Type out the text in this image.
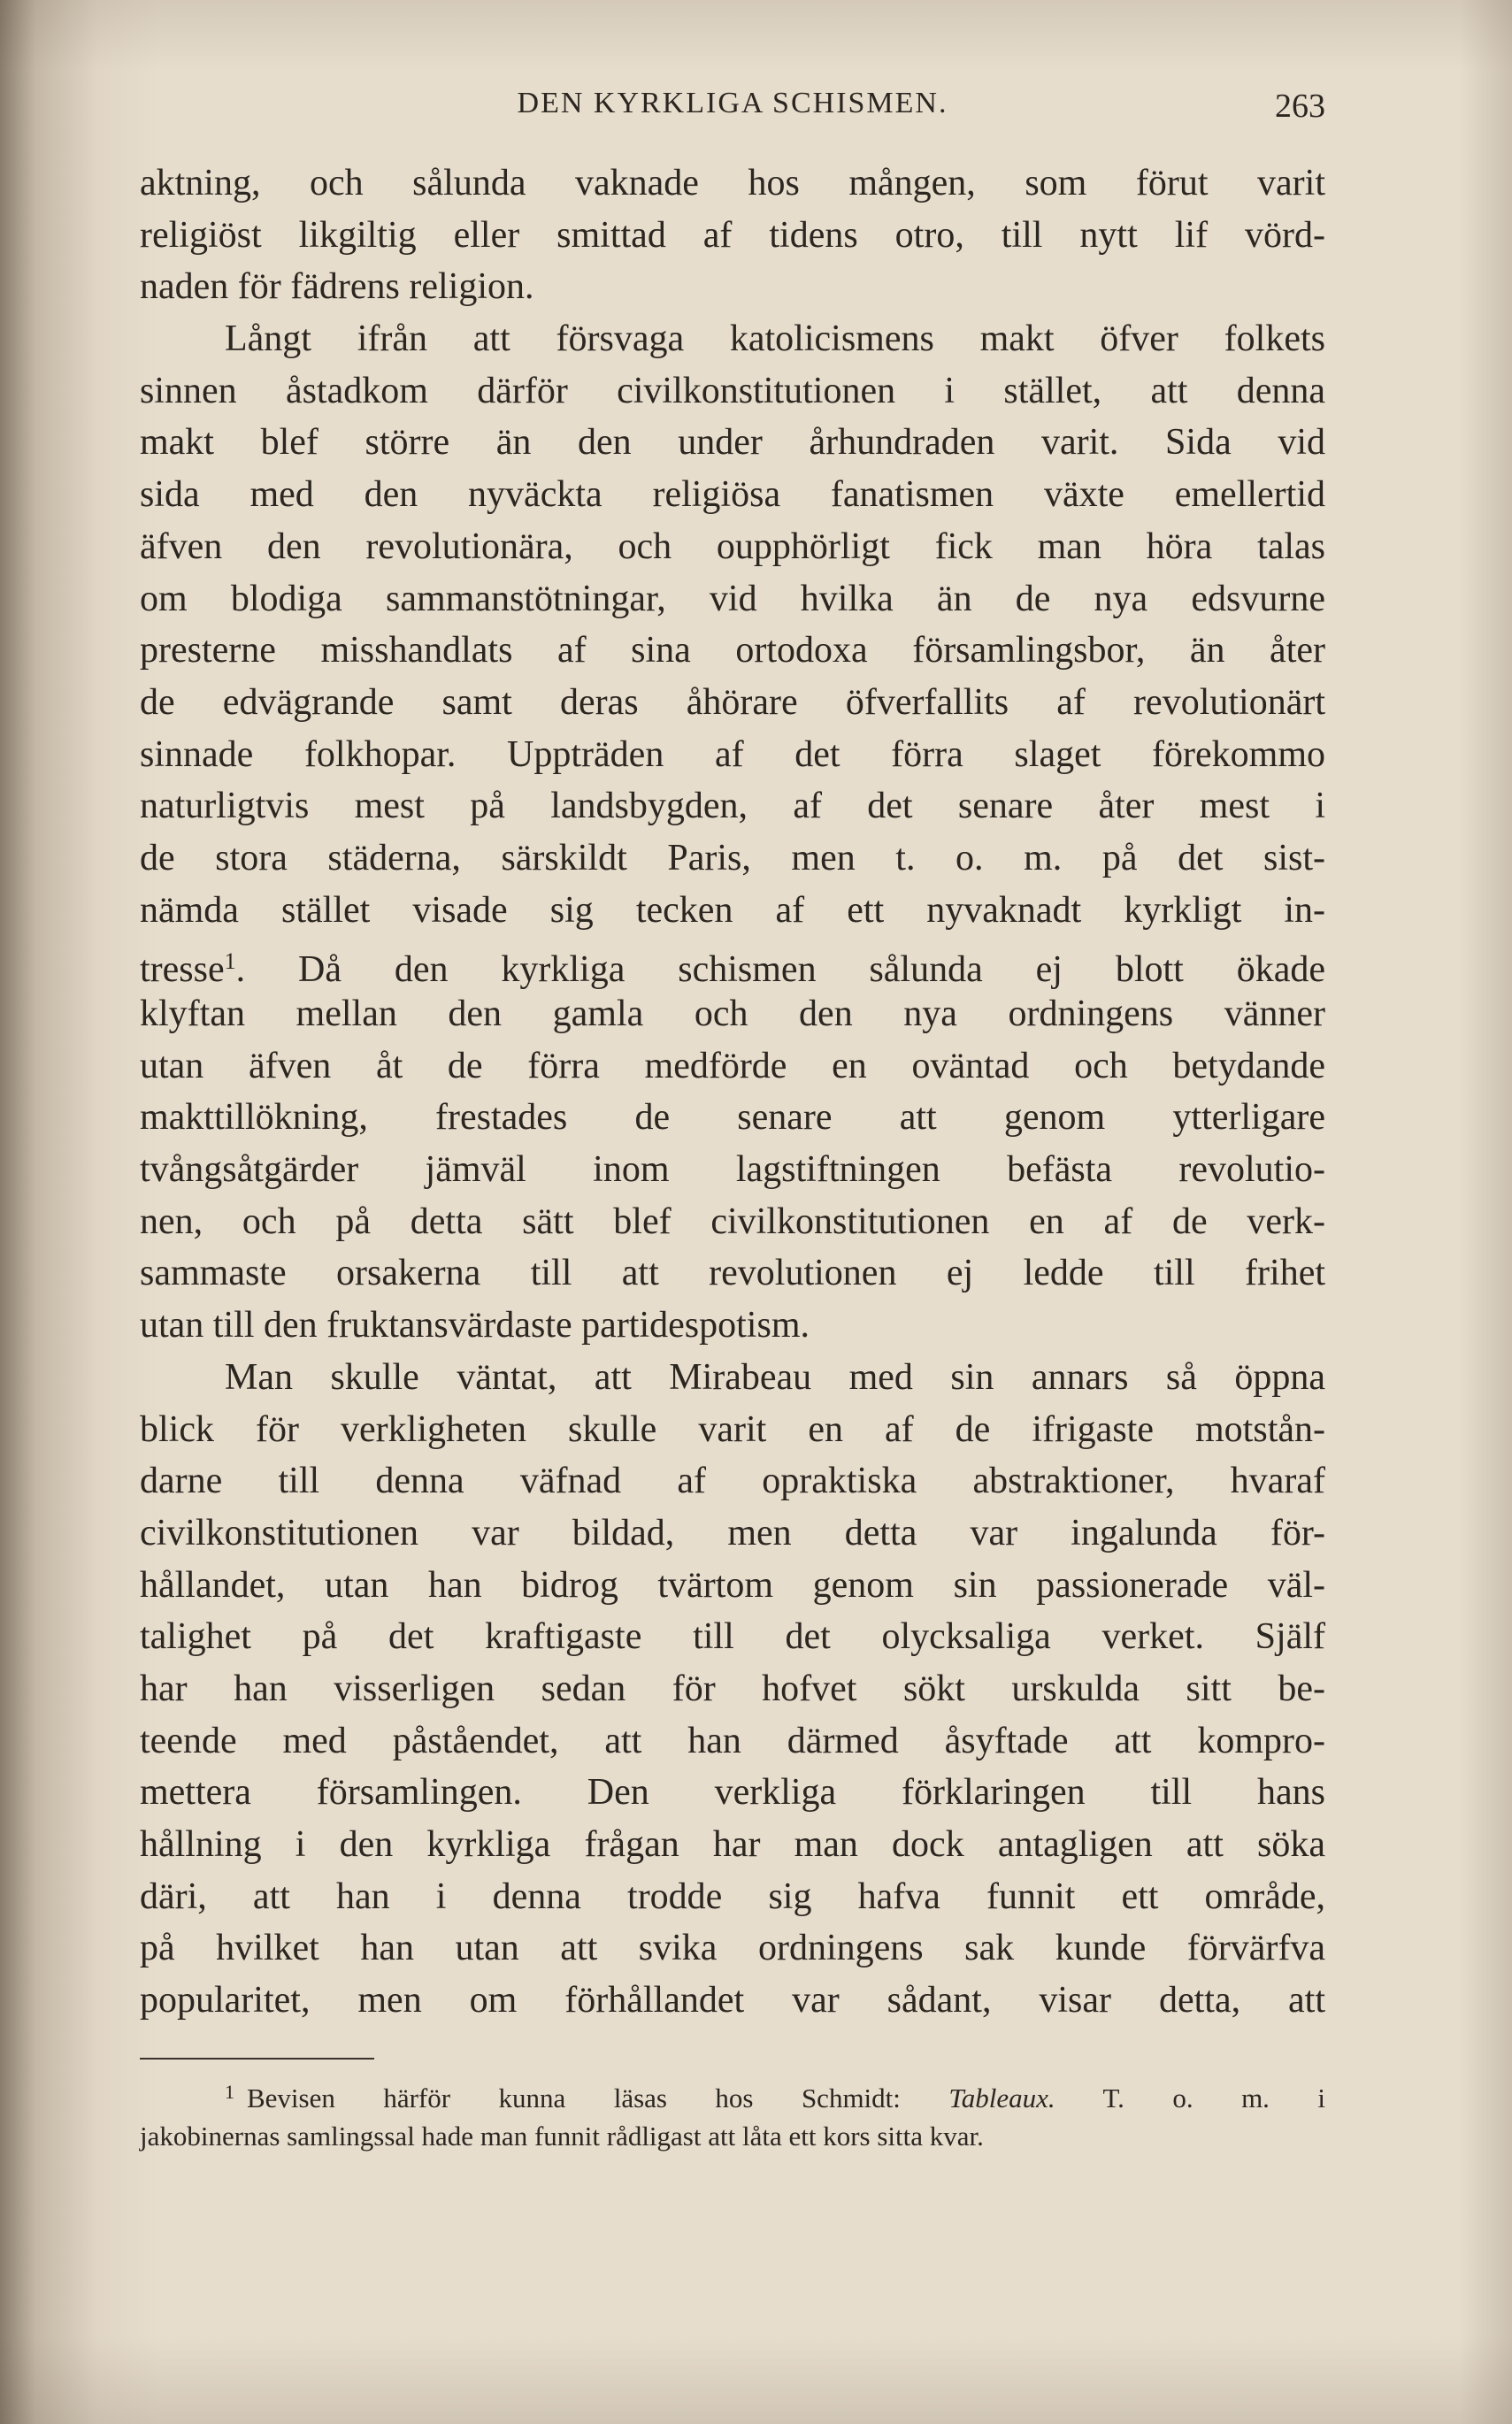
DEN KYRKLIGA SCHISMEN.	263
aktning, och sålunda vaknade hos mången, som förut varit
religiöst likgiltig eller smittad af tidens otro, till nytt lif vörd-
naden för fädrens religion.
Långt ifrån att försvaga katolicismens makt öfver folkets
sinnen åstadkom därför civilkonstitutionen i stället, att denna
makt blef större än den under århundraden varit. Sida vid
sida med den nyväckta religiösa fanatismen växte emellertid
äfven den revolutionära, och oupphörligt fick man höra talas
om blodiga sammanstötningar, vid hvilka än de nya edsvurne
presterne misshandlats af sina ortodoxa församlingsbor, än åter
de edvägrande samt deras åhörare öfverfallits af revolutionärt
sinnade folkhopar. Uppträden af det förra slaget förekommo
naturligtvis mest på landsbygden, af det senare åter mest i
de stora städerna, särskildt Paris, men t. o. m. på det sist-
nämda stället visade sig tecken af ett nyvaknadt kyrkligt in-
tresse$^1$. Då den kyrkliga schismen sålunda ej blott ökade
klyftan mellan den gamla och den nya ordningens vänner
utan äfven åt de förra medförde en oväntad och betydande
makttillökning, frestades de senare att genom ytterligare
tvångsåtgärder jämväl inom lagstiftningen befästa revolutio-
nen, och på detta sätt blef civilkonstitutionen en af de verk-
sammaste orsakerna till att revolutionen ej ledde till frihet
utan till den fruktansvärdaste partidespotism.
Man skulle väntat, att Mirabeau med sin annars så öppna
blick för verkligheten skulle varit en af de ifrigaste motstån-
darne till denna väfnad af opraktiska abstraktioner, hvaraf
civilkonstitutionen var bildad, men detta var ingalunda för-
hållandet, utan han bidrog tvärtom genom sin passionerade väl-
talighet på det kraftigaste till det olycksaliga verket. Själf
har han visserligen sedan för hofvet sökt urskulda sitt be-
teende med påståendet, att han därmed åsyftade att kompro-
mettera församlingen. Den verkliga förklaringen till hans
hållning i den kyrkliga frågan har man dock antagligen att söka
däri, att han i denna trodde sig hafva funnit ett område,
på hvilket han utan att svika ordningens sak kunde förvärfva
popularitet, men om förhållandet var sådant, visar detta, att
$^1$ Bevisen härför kunna läsas hos Schmidt: Tableaux. T. o. m. i
jakobinernas samlingssal hade man funnit rådligast att låta ett kors sitta kvar.
